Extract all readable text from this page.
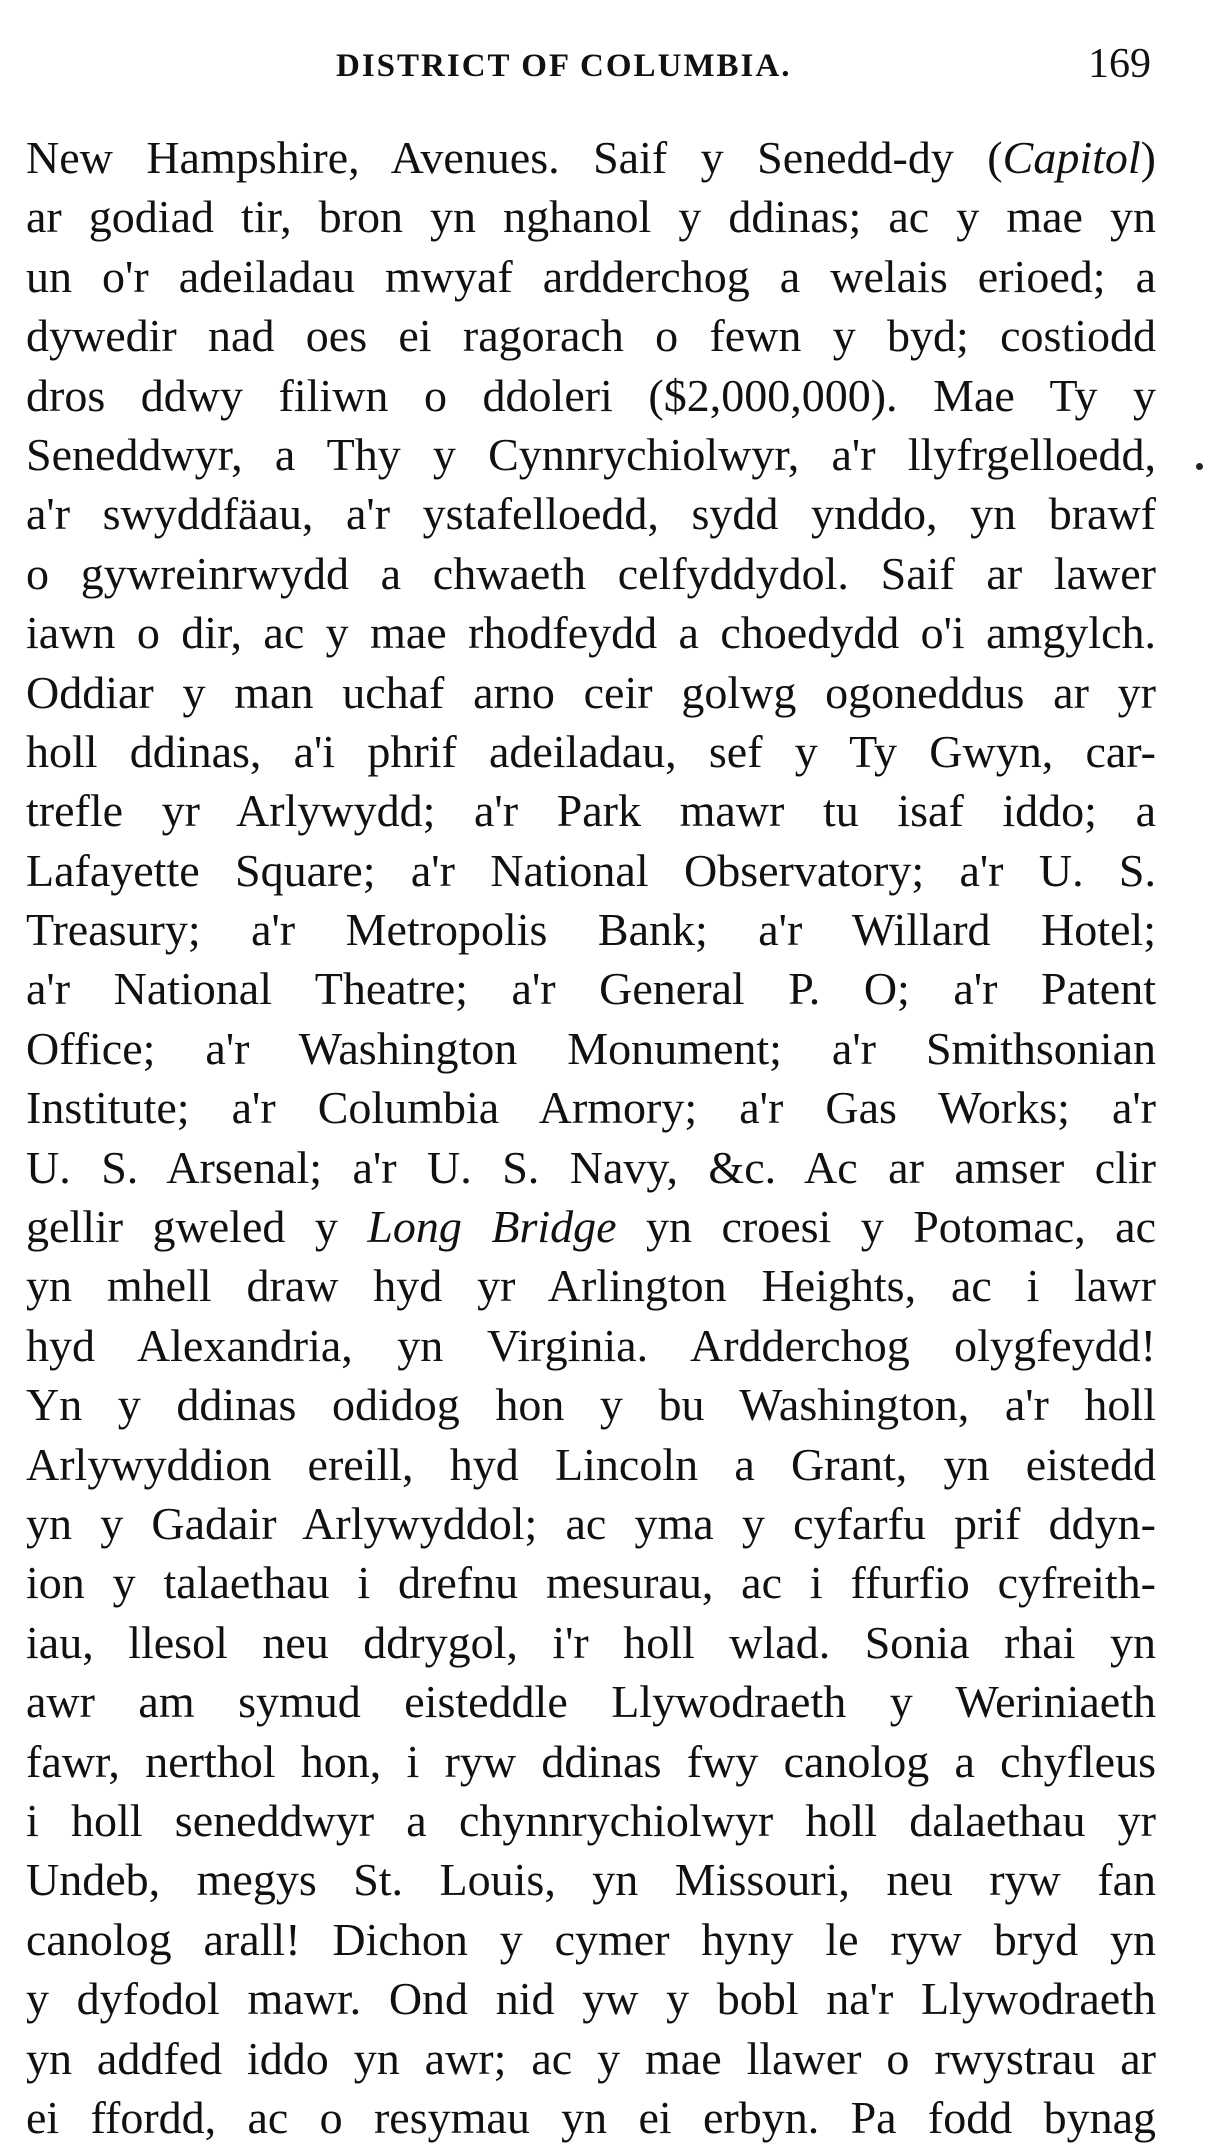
DISTRICT OF COLUMBIA.	169
New Hampshire, Avenues. Saif y Senedd-dy (Capitol)
ar godiad tir, bron yn nghanol y ddinas; ac y mae yn
un o'r adeiladau mwyaf ardderchog a welais erioed; a
dywedir nad oes ei ragorach o fewn y byd; costiodd
dros ddwy filiwn o ddoleri ($2,000,000). Mae Ty y
Seneddwyr, a Thy y Cynnrychiolwyr, a'r llyfrgelloedd,
a'r swyddfäau, a'r ystafelloedd, sydd ynddo, yn brawf
o gywreinrwydd a chwaeth celfyddydol. Saif ar lawer
iawn o dir, ac y mae rhodfeydd a choedydd o'i amgylch.
Oddiar y man uchaf arno ceir golwg ogoneddus ar yr
holl ddinas, a'i phrif adeiladau, sef y Ty Gwyn, car-
trefle yr Arlywydd; a'r Park mawr tu isaf iddo; a
Lafayette Square; a'r National Observatory; a'r U. S.
Treasury; a'r Metropolis Bank; a'r Willard Hotel;
a'r National Theatre; a'r General P. O; a'r Patent
Office; a'r Washington Monument; a'r Smithsonian
Institute; a'r Columbia Armory; a'r Gas Works; a'r
U. S. Arsenal; a'r U. S. Navy, &c. Ac ar amser clir
gellir gweled y Long Bridge yn croesi y Potomac, ac
yn mhell draw hyd yr Arlington Heights, ac i lawr
hyd Alexandria, yn Virginia. Ardderchog olygfeydd!
Yn y ddinas odidog hon y bu Washington, a'r holl
Arlywyddion ereill, hyd Lincoln a Grant, yn eistedd
yn y Gadair Arlywyddol; ac yma y cyfarfu prif ddyn-
ion y talaethau i drefnu mesurau, ac i ffurfio cyfreith-
iau, llesol neu ddrygol, i'r holl wlad. Sonia rhai yn
awr am symud eisteddle Llywodraeth y Weriniaeth
fawr, nerthol hon, i ryw ddinas fwy canolog a chyfleus
i holl seneddwyr a chynnrychiolwyr holl dalaethau yr
Undeb, megys St. Louis, yn Missouri, neu ryw fan
canolog arall! Dichon y cymer hyny le ryw bryd yn
y dyfodol mawr. Ond nid yw y bobl na'r Llywodraeth
yn addfed iddo yn awr; ac y mae llawer o rwystrau ar
ei ffordd, ac o resymau yn ei erbyn. Pa fodd bynag
